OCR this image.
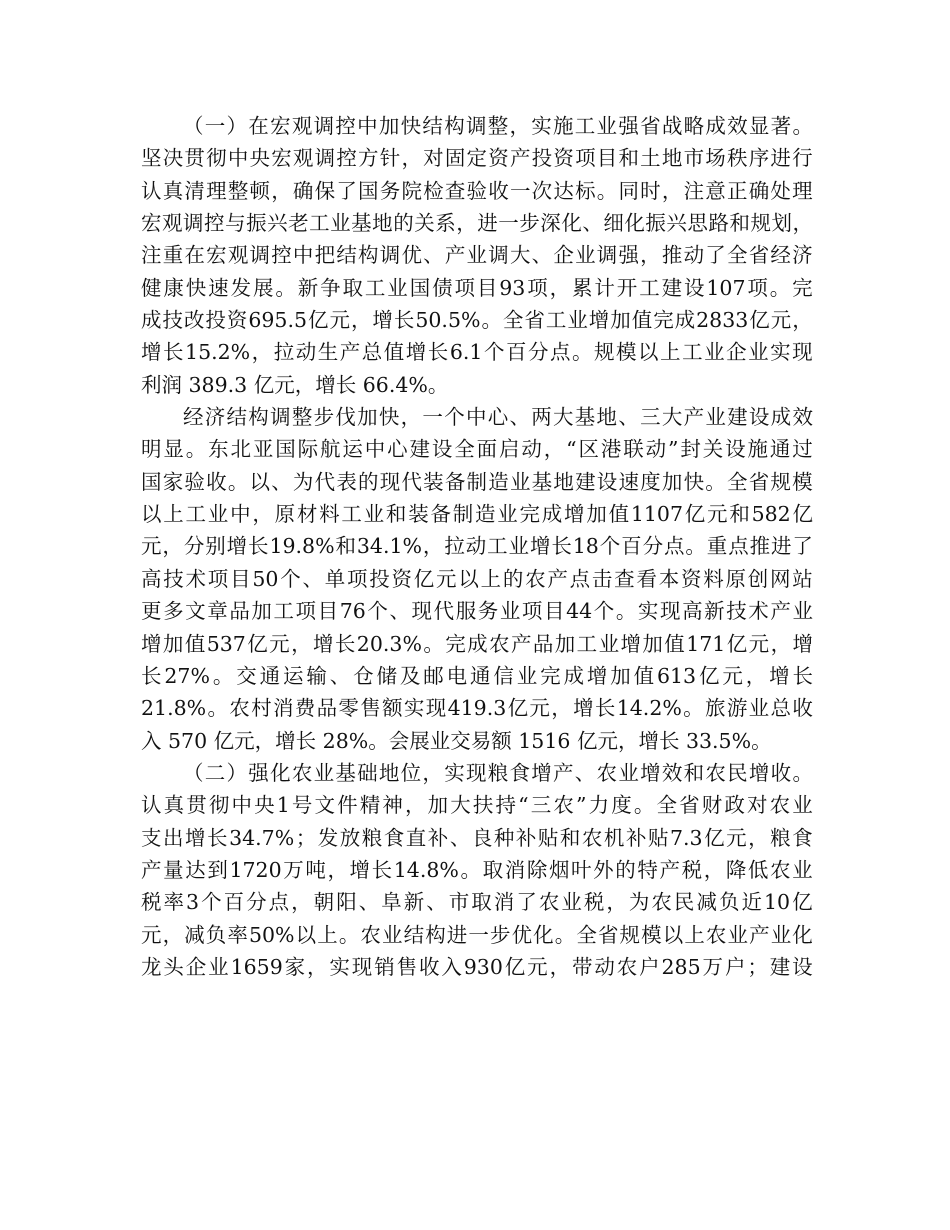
（ 一 ） 在 宏 观 调 控 中 加 快 结 构 调 整 ， 实 施 工 业 强 省 战 略 成 效 显 著 。
坚 决 贯 彻 中 央 宏 观 调 控 方 针 ， 对 固 定 资 产 投 资 项 目 和 土 地 市 场 秩 序 进 行
认 真 清 理 整 顿 ， 确 保 了 国 务 院 检 查 验 收 一 次 达 标 。 同 时 ， 注 意 正 确 处 理
宏 观 调 控 与 振 兴 老 工 业 基 地 的 关 系 ， 进 一 步 深 化 、 细 化 振 兴 思 路 和 规 划 ，
注 重 在 宏 观 调 控 中 把 结 构 调 优 、 产 业 调 大 、 企 业 调 强 ， 推 动 了 全 省 经 济
健 康 快 速 发 展 。 新 争 取 工 业 国 债 项 目 93 项 ， 累 计 开 工 建 设 107 项 。 完
成 技 改 投 资 695.5 亿 元 ， 增 长 50.5% 。 全 省 工 业 增 加 值 完 成 2833 亿 元 ，
增 长 15.2% ， 拉 动 生 产 总 值 增 长 6.1 个 百 分 点 。 规 模 以 上 工 业 企 业 实 现
利润 389.3 亿元，增长 66.4%。
经 济 结 构 调 整 步 伐 加 快 ， 一 个 中 心 、 两 大 基 地 、 三 大 产 业 建 设 成 效
明 显 。 东 北 亚 国 际 航 运 中 心 建 设 全 面 启 动 ， “ 区 港 联 动 ” 封 关 设 施 通 过
国 家 验 收 。 以 、 为 代 表 的 现 代 装 备 制 造 业 基 地 建 设 速 度 加 快 。 全 省 规 模
以 上 工 业 中 ， 原 材 料 工 业 和 装 备 制 造 业 完 成 增 加 值 1107 亿 元 和 582 亿
元 ， 分 别 增 长 19.8% 和 34.1% ， 拉 动 工 业 增 长 18 个 百 分 点 。 重 点 推 进 了
高 技 术 项 目 50 个 、 单 项 投 资 亿 元 以 上 的 农 产 点 击 查 看 本 资 料 原 创 网 站
更 多 文 章 品 加 工 项 目 76 个 、 现 代 服 务 业 项 目 44 个 。 实 现 高 新 技 术 产 业
增 加 值 537 亿 元 ， 增 长 20.3% 。 完 成 农 产 品 加 工 业 增 加 值 171 亿 元 ， 增
长 27% 。 交 通 运 输 、 仓 储 及 邮 电 通 信 业 完 成 增 加 值 613 亿 元 ， 增 长
21.8% 。 农 村 消 费 品 零 售 额 实 现 419.3 亿 元 ， 增 长 14.2% 。 旅 游 业 总 收
入 570 亿元，增长 28%。会展业交易额 1516 亿元，增长 33.5%。
（ 二 ） 强 化 农 业 基 础 地 位 ， 实 现 粮 食 增 产 、 农 业 增 效 和 农 民 增 收 。
认 真 贯 彻 中 央 1 号 文 件 精 神 ， 加 大 扶 持 “ 三 农 ” 力 度 。 全 省 财 政 对 农 业
支 出 增 长 34.7% ； 发 放 粮 食 直 补 、 良 种 补 贴 和 农 机 补 贴 7.3 亿 元 ， 粮 食
产 量 达 到 1720 万 吨 ， 增 长 14.8% 。 取 消 除 烟 叶 外 的 特 产 税 ， 降 低 农 业
税 率 3 个 百 分 点 ， 朝 阳 、 阜 新 、 市 取 消 了 农 业 税 ， 为 农 民 减 负 近 10 亿
元 ， 减 负 率 50% 以 上 。 农 业 结 构 进 一 步 优 化 。 全 省 规 模 以 上 农 业 产 业 化
龙 头 企 业 1659 家 ， 实 现 销 售 收 入 930 亿 元 ， 带 动 农 户 285 万 户 ； 建 设
